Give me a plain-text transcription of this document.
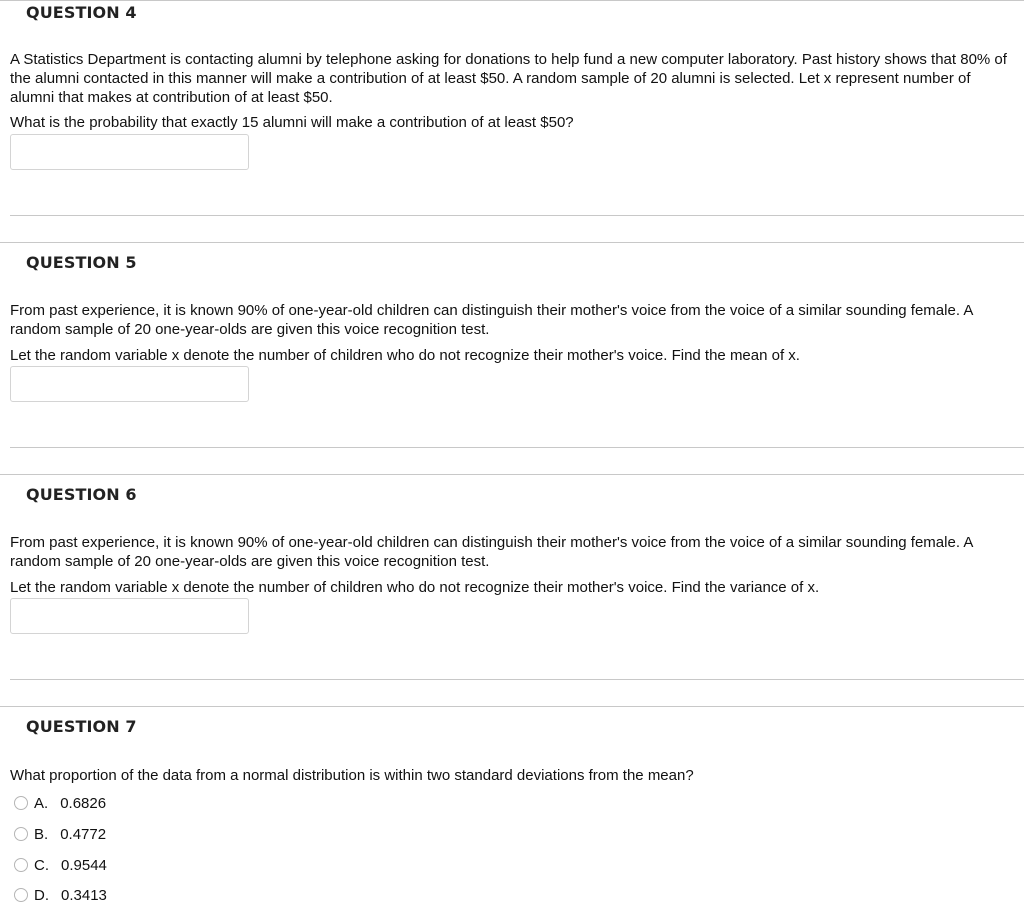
QUESTION 4
A Statistics Department is contacting alumni by telephone asking for donations to help fund a new computer laboratory. Past history shows that 80% of the alumni contacted in this manner will make a contribution of at least $50. A random sample of 20 alumni is selected. Let x represent number of alumni that makes at contribution of at least $50.
What is the probability that exactly 15 alumni will make a contribution of at least $50?
QUESTION 5
From past experience, it is known 90% of one-year-old children can distinguish their mother's voice from the voice of a similar sounding female. A random sample of 20 one-year-olds are given this voice recognition test.
Let the random variable x denote the number of children who do not recognize their mother's voice. Find the mean of x.
QUESTION 6
From past experience, it is known 90% of one-year-old children can distinguish their mother's voice from the voice of a similar sounding female. A random sample of 20 one-year-olds are given this voice recognition test.
Let the random variable x denote the number of children who do not recognize their mother's voice. Find the variance of x.
QUESTION 7
What proportion of the data from a normal distribution is within two standard deviations from the mean?
A. 0.6826
B. 0.4772
C. 0.9544
D. 0.3413
